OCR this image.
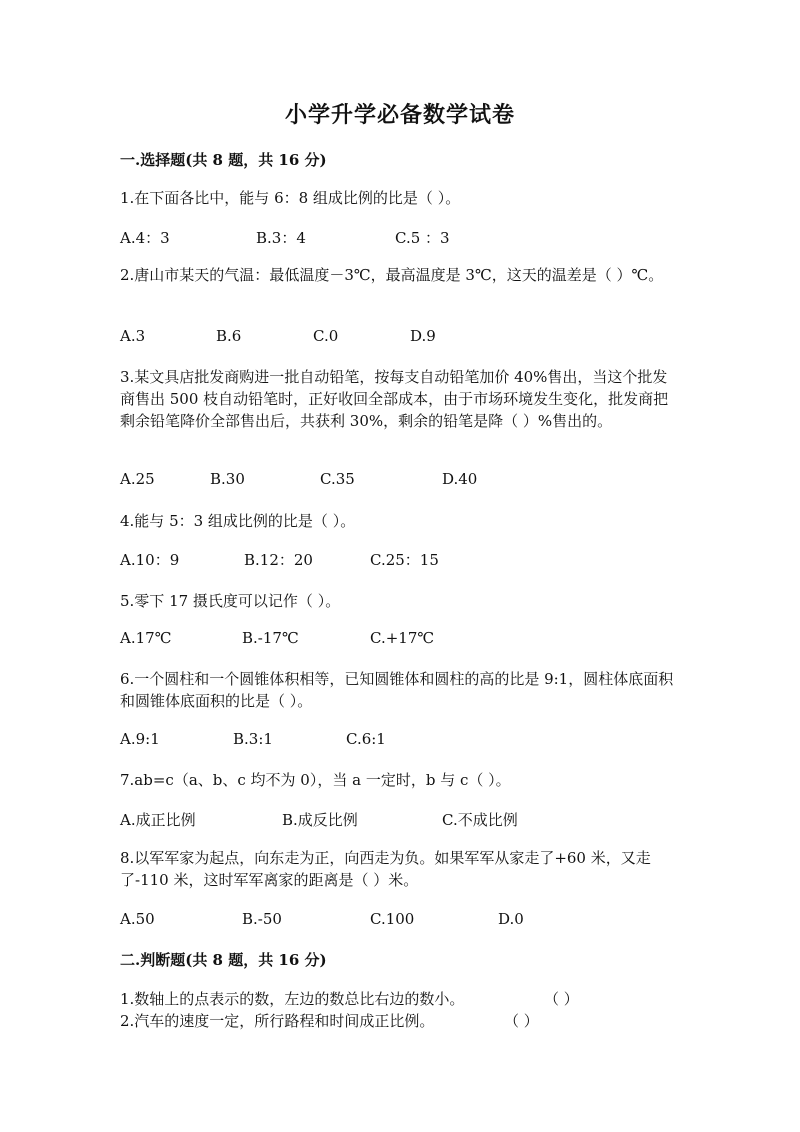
小学升学必备数学试卷
一.选择题(共 8 题，共 16 分)
1.在下面各比中，能与 6：8 组成比例的比是（ ）。
A.4：3	B.3：4	C.5 ：3
2.唐山市某天的气温：最低温度－3℃，最高温度是 3℃，这天的温差是（ ）℃。
A.3	B.6	C.0	D.9
3.某文具店批发商购进一批自动铅笔，按每支自动铅笔加价 40%售出，当这个批发商售出 500 枝自动铅笔时，正好收回全部成本，由于市场环境发生变化，批发商把剩余铅笔降价全部售出后，共获利 30%，剩余的铅笔是降（ ）%售出的。
A.25	B.30	C.35	D.40
4.能与 5：3 组成比例的比是（ ）。
A.10：9	B.12：20	C.25：15
5.零下 17 摄氏度可以记作（ ）。
A.17℃	B.-17℃	C.+17℃
6.一个圆柱和一个圆锥体积相等，已知圆锥体和圆柱的高的比是 9:1，圆柱体底面积和圆锥体底面积的比是（ ）。
A.9:1	B.3:1	C.6:1
7.ab=c（a、b、c 均不为 0），当 a 一定时，b 与 c（ ）。
A.成正比例	B.成反比例	C.不成比例
8.以军军家为起点，向东走为正，向西走为负。如果军军从家走了+60 米，又走了-110 米，这时军军离家的距离是（ ）米。
A.50	B.-50	C.100	D.0
二.判断题(共 8 题，共 16 分)
1.数轴上的点表示的数，左边的数总比右边的数小。	（ ）
2.汽车的速度一定，所行路程和时间成正比例。	（ ）
